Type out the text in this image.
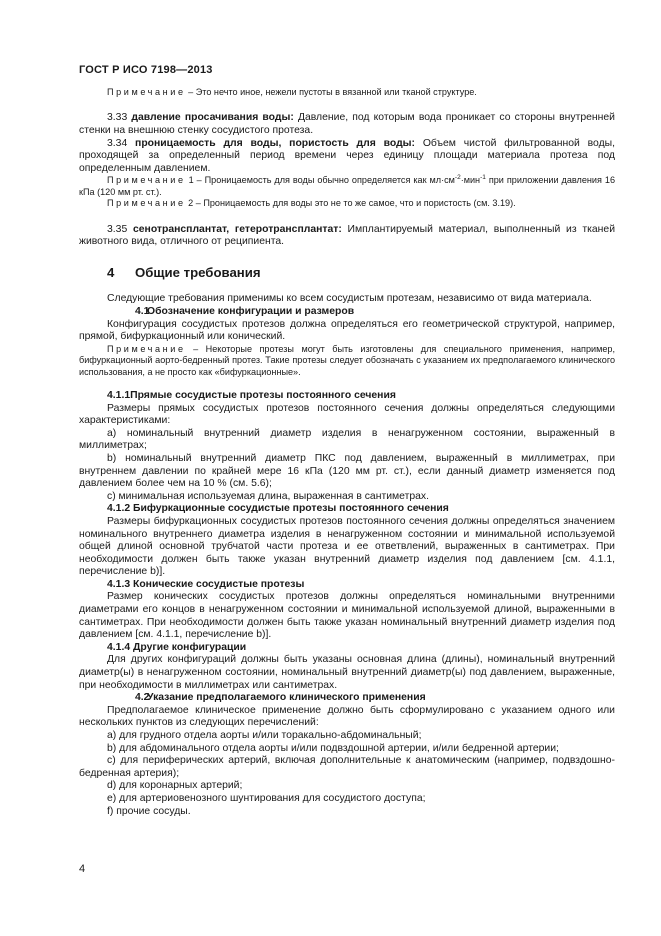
ГОСТ Р ИСО 7198—2013

Примечание – Это нечто иное, нежели пустоты в вязанной или тканой структуре.

3.33 давление просачивания воды: Давление, под которым вода проникает со стороны внутренней стенки на внешнюю стенку сосудистого протеза.

3.34 проницаемость для воды, пористость для воды: Объем чистой фильтрованной воды, проходящей за определенный период времени через единицу площади материала протеза под определенным давлением.

Примечание 1 – Проницаемость для воды обычно определяется как $мл\cdot см^{-2}\cdot мин^{-1}$ при приложении давления 16 кПа (120 мм рт. ст.).

Примечание 2 – Проницаемость для воды это не то же самое, что и пористость (см. 3.19).

3.35 сенотрансплантат, гетеротрансплантат: Имплантируемый материал, выполненный из тканей животного вида, отличного от реципиента.

4 Общие требования

Следующие требования применимы ко всем сосудистым протезам, независимо от вида материала.

4.1Обозначение конфигурации и размеров

Конфигурация сосудистых протезов должна определяться его геометрической структурой, например, прямой, бифуркационный или конический.

Примечание – Некоторые протезы могут быть изготовлены для специального применения, например, бифуркационный аорто-бедренный протез. Такие протезы следует обозначать с указанием их предполагаемого клинического использования, а не просто как «бифуркационные».

4.1.1Прямые сосудистые протезы постоянного сечения

Размеры прямых сосудистых протезов постоянного сечения должны определяться следующими характеристиками:

a) номинальный внутренний диаметр изделия в ненагруженном состоянии, выраженный в миллиметрах;

b) номинальный внутренний диаметр ПКС под давлением, выраженный в миллиметрах, при внутреннем давлении по крайней мере 16 кПа (120 мм рт. ст.), если данный диаметр изменяется под давлением более чем на 10 % (см. 5.6);

c) минимальная используемая длина, выраженная в сантиметрах.

4.1.2 Бифуркационные сосудистые протезы постоянного сечения

Размеры бифуркационных сосудистых протезов постоянного сечения должны определяться значением номинального внутреннего диаметра изделия в ненагруженном состоянии и минимальной используемой общей длиной основной трубчатой части протеза и ее ответвлений, выраженных в сантиметрах. При необходимости должен быть также указан внутренний диаметр изделия под давлением [см. 4.1.1, перечисление b)].

4.1.3 Конические сосудистые протезы

Размер конических сосудистых протезов должны определяться номинальными внутренними диаметрами его концов в ненагруженном состоянии и минимальной используемой длиной, выраженными в сантиметрах. При необходимости должен быть также указан номинальный внутренний диаметр изделия под давлением [см. 4.1.1, перечисление b)].

4.1.4 Другие конфигурации

Для других конфигураций должны быть указаны основная длина (длины), номинальный внутренний диаметр(ы) в ненагруженном состоянии, номинальный внутренний диаметр(ы) под давлением, выраженные, при необходимости в миллиметрах или сантиметрах.

4.2Указание предполагаемого клинического применения

Предполагаемое клиническое применение должно быть сформулировано с указанием одного или нескольких пунктов из следующих перечислений:

a) для грудного отдела аорты и/или торакально-абдоминальный;

b) для абдоминального отдела аорты и/или подвздошной артерии, и/или бедренной артерии;

c) для периферических артерий, включая дополнительные к анатомическим (например, подвздошно-бедренная артерия);

d) для коронарных артерий;

e) для артериовенозного шунтирования для сосудистого доступа;

f) прочие сосуды.

4
